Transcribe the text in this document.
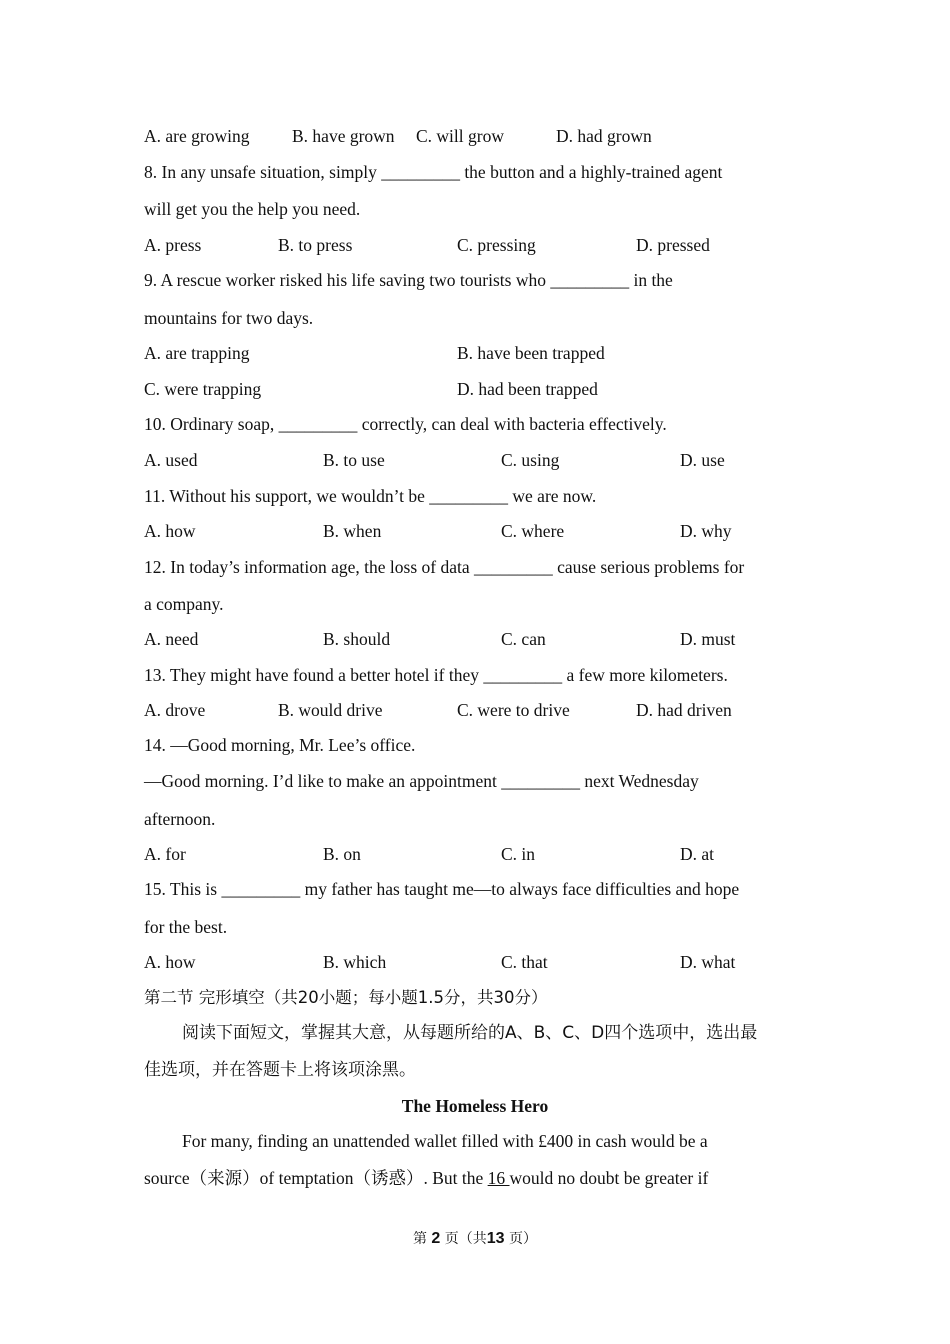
A. are growing B. have grown C. will grow	D. had grown
8. In any unsafe situation, simply _________ the button and a highly-trained agent
will get you the help you need.
A. press	B. to press	C. pressing	D. pressed
9. A rescue worker risked his life saving two tourists who _________ in the
mountains for two days.
A. are trapping	B. have been trapped
C. were trapping	D. had been trapped
10. Ordinary soap, _________ correctly, can deal with bacteria effectively.
A. used	B. to use	C. using	D. use
11. Without his support, we wouldn’t be _________ we are now.
A. how	B. when	C. where	D. why
12. In today’s information age, the loss of data _________ cause serious problems for
a company.
A. need	B. should	C. can	D. must
13. They might have found a better hotel if they _________ a few more kilometers.
A. drove	B. would drive	C. were to drive	D. had driven
14. —Good morning, Mr. Lee’s office.
—Good morning. I’d like to make an appointment _________ next Wednesday
afternoon.
A. for	B. on	C. in	D. at
15. This is _________ my father has taught me—to always face difficulties and hope
for the best.
A. how	B. which	C. that	D. what
第二节 完形填空（共20小题；每小题1.5分，共30分）
阅读下面短文，掌握其大意，从每题所给的A、B、C、D四个选项中，选出最
佳选项，并在答题卡上将该项涂黑。
The Homeless Hero
For many, finding an unattended wallet filled with £400 in cash would be a
source（来源）of temptation（诱惑）. But the 16 would no doubt be greater if
第 2 页（共13 页）
